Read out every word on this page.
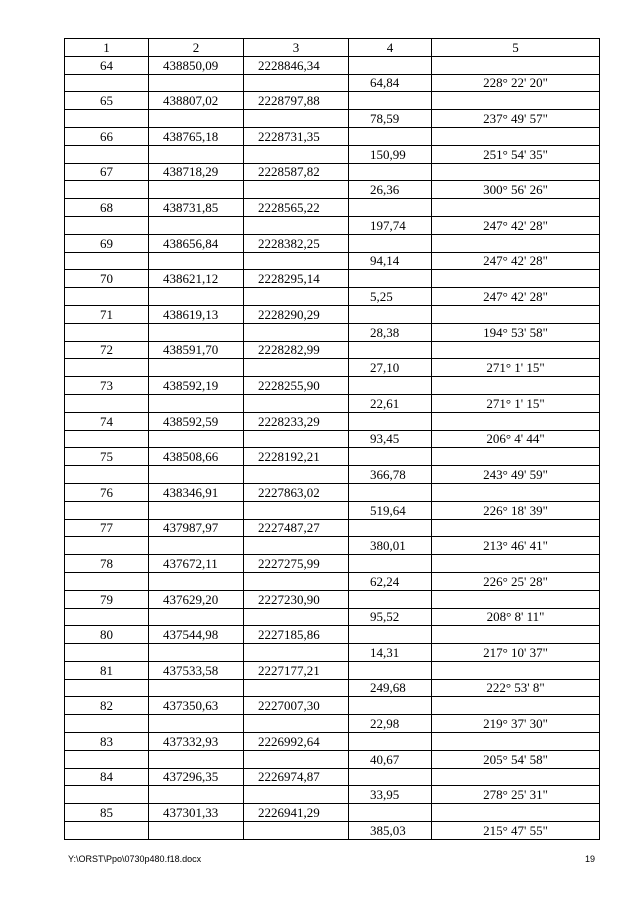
1	2	3	4	5
64	438850,09	2228846,34		
			64,84	228° 22' 20"
65	438807,02	2228797,88		
			78,59	237° 49' 57"
66	438765,18	2228731,35		
			150,99	251° 54' 35"
67	438718,29	2228587,82		
			26,36	300° 56' 26"
68	438731,85	2228565,22		
			197,74	247° 42' 28"
69	438656,84	2228382,25		
			94,14	247° 42' 28"
70	438621,12	2228295,14		
			5,25	247° 42' 28"
71	438619,13	2228290,29		
			28,38	194° 53' 58"
72	438591,70	2228282,99		
			27,10	271° 1' 15"
73	438592,19	2228255,90		
			22,61	271° 1' 15"
74	438592,59	2228233,29		
			93,45	206° 4' 44"
75	438508,66	2228192,21		
			366,78	243° 49' 59"
76	438346,91	2227863,02		
			519,64	226° 18' 39"
77	437987,97	2227487,27		
			380,01	213° 46' 41"
78	437672,11	2227275,99		
			62,24	226° 25' 28"
79	437629,20	2227230,90		
			95,52	208° 8' 11"
80	437544,98	2227185,86		
			14,31	217° 10' 37"
81	437533,58	2227177,21		
			249,68	222° 53' 8"
82	437350,63	2227007,30		
			22,98	219° 37' 30"
83	437332,93	2226992,64		
			40,67	205° 54' 58"
84	437296,35	2226974,87		
			33,95	278° 25' 31"
85	437301,33	2226941,29		
			385,03	215° 47' 55"
Y:\ORST\Ppo\0730p480.f18.docx	19
